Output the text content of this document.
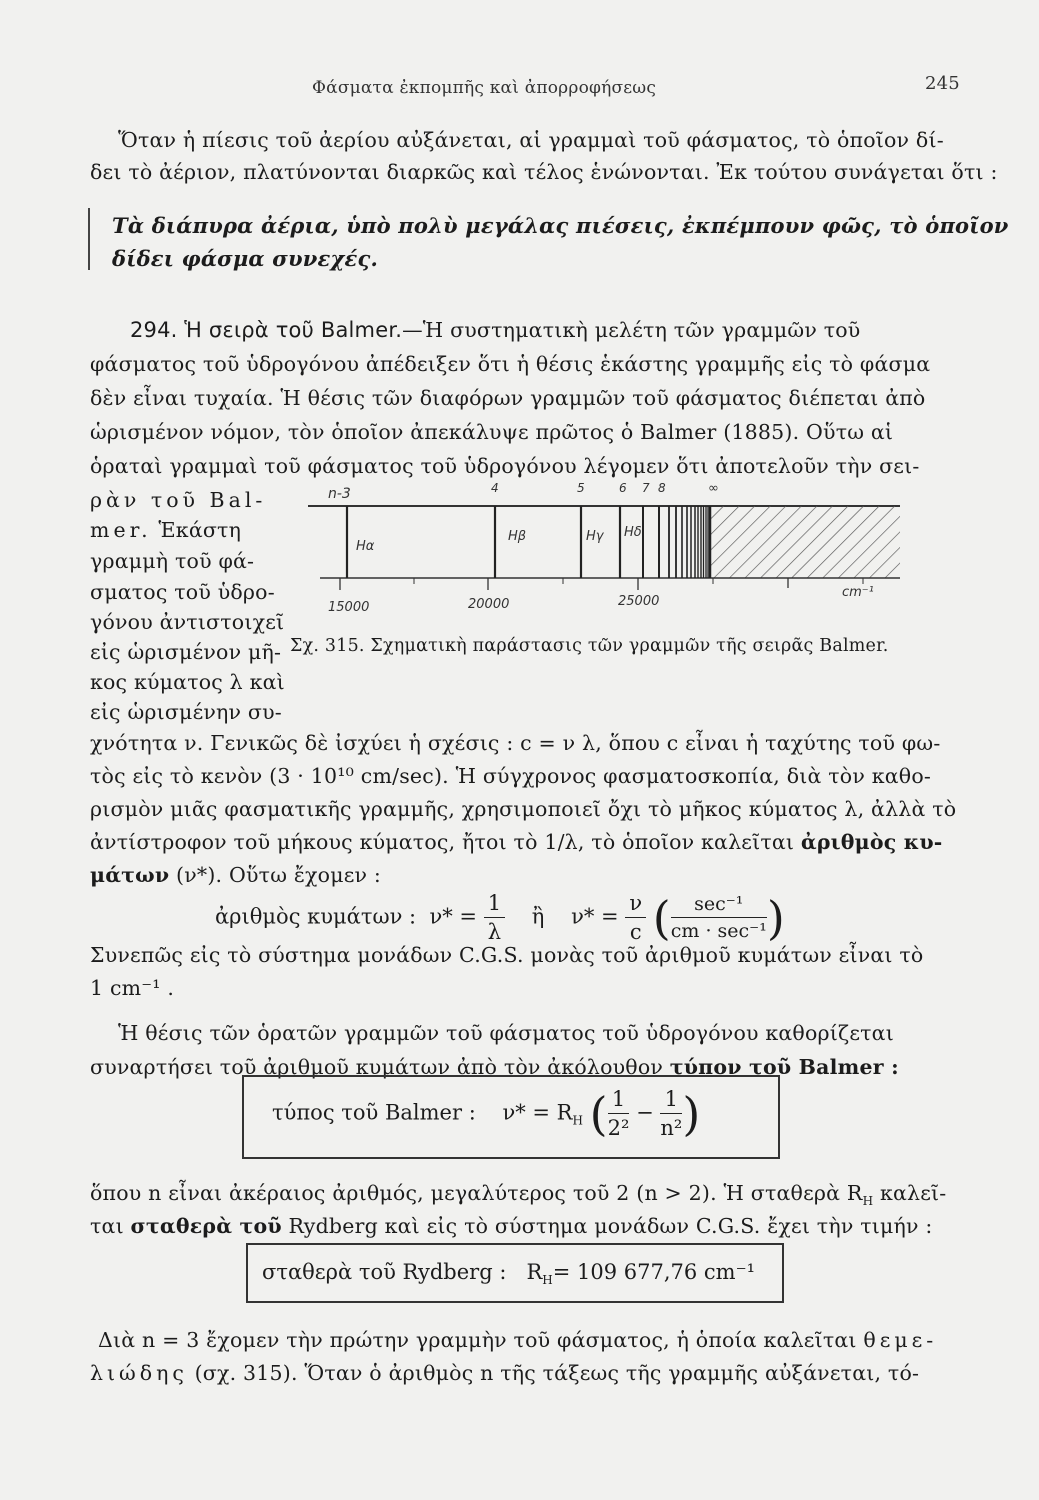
Φάσματα ἐκπομπῆς καὶ ἀπορροφήσεως	245
Ὅταν ἡ πίεσις τοῦ ἀερίου αὐξάνεται, αἱ γραμμαὶ τοῦ φάσματος, τὸ ὁποῖον δί-
δει τὸ ἀέριον, πλατύνονται διαρκῶς καὶ τέλος ἑνώνονται. Ἐκ τούτου συνάγεται ὅτι :
Τὰ διάπυρα ἀέρια, ὑπὸ πολὺ μεγάλας πιέσεις, ἐκπέμπουν φῶς, τὸ ὁποῖον
δίδει φάσμα συνεχές.
294. Ἡ σειρὰ τοῦ Balmer.—Ἡ συστηματικὴ μελέτη τῶν γραμμῶν τοῦ
φάσματος τοῦ ὑδρογόνου ἀπέδειξεν ὅτι ἡ θέσις ἑκάστης γραμμῆς εἰς τὸ φάσμα
δὲν εἶναι τυχαία. Ἡ θέσις τῶν διαφόρων γραμμῶν τοῦ φάσματος διέπεται ἀπὸ
ὡρισμένον νόμον, τὸν ὁποῖον ἀπεκάλυψε πρῶτος ὁ Balmer (1885). Οὕτω αἱ
ὁραταὶ γραμμαὶ τοῦ φάσματος τοῦ ὑδρογόνου λέγομεν ὅτι ἀποτελοῦν τὴν σει-
ρὰν τοῦ Bal-
mer. Ἑκάστη
γραμμὴ τοῦ φά-
σματος τοῦ ὑδρο-
γόνου ἀντιστοιχεῖ
εἰς ὡρισμένον μῆ-
κος κύματος λ καὶ
εἰς ὡρισμένην συ-
n-3	4	5	6 7 8	∞
Hα
Hβ	Hγ Hδ
15000	20000	25000
cm⁻¹
Σχ. 315. Σχηματικὴ παράστασις τῶν γραμμῶν τῆς σειρᾶς Balmer.
χνότητα ν. Γενικῶς δὲ ἰσχύει ἡ σχέσις : c = ν λ, ὅπου c εἶναι ἡ ταχύτης τοῦ φω-
τὸς εἰς τὸ κενὸν (3 · 10¹⁰ cm/sec). Ἡ σύγχρονος φασματοσκοπία, διὰ τὸν καθο-
ρισμὸν μιᾶς φασματικῆς γραμμῆς, χρησιμοποιεῖ ὄχι τὸ μῆκος κύματος λ, ἀλλὰ τὸ
ἀντίστροφον τοῦ μήκους κύματος, ἤτοι τὸ 1/λ, τὸ ὁποῖον καλεῖται ἀριθμὸς κυ-
μάτων (ν*). Οὕτω ἔχομεν :
ἀριθμὸς κυμάτων : $\nu* = \frac{1}{\lambda}$ ἢ $\nu* = \frac{\nu}{c}$ ( $\frac{\text{sec⁻¹}}{\text{cm · sec⁻¹}}$ )
Συνεπῶς εἰς τὸ σύστημα μονάδων C.G.S. μονὰς τοῦ ἀριθμοῦ κυμάτων εἶναι τὸ
1 cm⁻¹ .
Ἡ θέσις τῶν ὁρατῶν γραμμῶν τοῦ φάσματος τοῦ ὑδρογόνου καθορίζεται
συναρτήσει τοῦ ἀριθμοῦ κυμάτων ἀπὸ τὸν ἀκόλουθον τύπον τοῦ Balmer :
τύπος τοῦ Balmer : $\nu* = R_H$ ( $\frac{1}{\text{2²}} - \frac{1}{\text{n²}}$ )
ὅπου n εἶναι ἀκέραιος ἀριθμός, μεγαλύτερος τοῦ 2 (n > 2). Ἡ σταθερὰ $R_H$ καλεῖ-
ται σταθερὰ τοῦ Rydberg καὶ εἰς τὸ σύστημα μονάδων C.G.S. ἔχει τὴν τιμήν :
σταθερὰ τοῦ Rydberg : $R_H= 109$ 677,76 cm⁻¹
Διὰ n = 3 ἔχομεν τὴν πρώτην γραμμὴν τοῦ φάσματος, ἡ ὁποία καλεῖται θεμε-
λιώδης (σχ. 315). Ὅταν ὁ ἀριθμὸς n τῆς τάξεως τῆς γραμμῆς αὐξάνεται, τό-
